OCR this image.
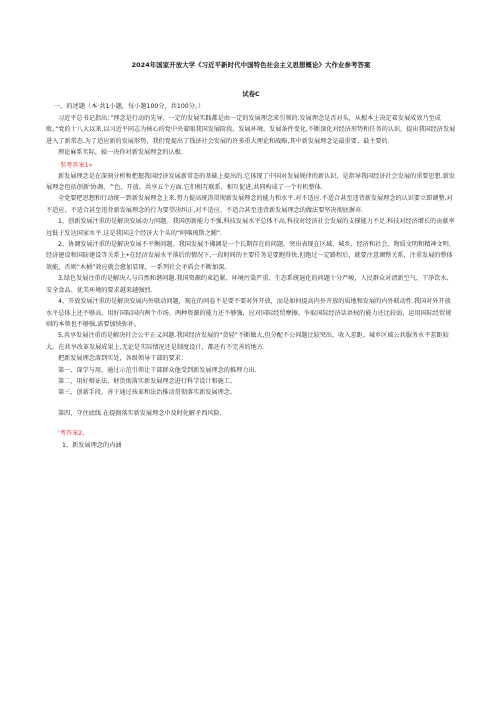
2024年国家开放大学《习近平新时代中国特色社会主义思想概论》大作业参考答案
试卷C
一、的述题（本·共1小题，每小题100分，共100分。）

习近平总书记指出：”理念是行动的先导，一定的发展实践都是由一定的发展理念来引领的.发展理念是否对头，从根本上决定着发展成效乃至成败。”党的十八大以来,以习近平同志为核心的党中央着眼我国发展阶段、发展环境、发展条件变化,不断深化对经济形势和任务的认识，提出我国经济发展进入了新常态.为了适应新的发展形势，我们党提出了钱济社会发展的许多重大理论和战略,其中新发展理念是最重要、最主要的.

理论麻系实际，辕一决你对新发展理念的认极.

参考答案1»

新发展理念是在深刻分析和把握我国经济发展新常态的基础上提出的.它体现了中国对发展规律的新认识，是指导我国经济社会发展的重要思想.新发展理念包括创新'协调、^色、开放、共享五个方面.它们相互联系、相互促进,共同构成了一个有机整体.

全党要把思想和行动统一到新发展理念上来.努力提高统涛贯彻新发展理念的能力和水平.对不适应.不适合甚至违背新发展理念的认识要立即调整,对不适应、不适合甚至违背新发展理念的行为要望决纠正,对不适应、不适合甚至违背新发展理念的做法要坚决彻底摒弃.

1、创新发展注重的是解决发展动力问题。我国创新能力不强,科技发展水平总体不高,科技对经济社会发展的支撑能力不足,科技对经济增长的贡献率远低于发达国家水平.这是我国这个经济大个头的“阿喀琉斯之踵”.

2、协调发展注重的是解决发展不平衡问题。我国发展不佛调是一个长期存在的问题，突出表现在区域、城乡、经济和社会、物质文明和精神文明、经济建设和国防建设等关系上•在经济发展水平落后的情况下,一段时间的主要任务是要跑得快,但跑过一定路程后，就要注意调整关系，注重发展的整体效能，否则“木桶”效应就会愈加显现，一系列社会矛盾会不断加深。

3,绿色发展注重的是解决人与自然和谐问题.我国资源约束趋紧、环境污染严重、生态系统退化的问题十分严峻，人民群众对清新空气、干净饮水、安全食品、优美环境的要求越来越强烈.

4、开放发展注重的是解决发展内外联动问题，现在的问卷不是要不要对外开放，而是如何提高内外开放的质地和发展的内外联动性.我国对外开放水平总体上还不够高，用好国际国内两个市场、两种资源的能力还不够强，应对国际经贸摩擦、争取国际经济话语权的能力还比较弱，运用国际经贸规则的本领也不够强,需要加快弥补。

5,共享发展注重的是解决社会公平正义问题.我国经济发展的“货轻”不断做大,但分配不公问题比较突出，收入差距、城乡区域公共服务水平差距较大。在共享改革发展成果上,无论是实际情况还是制度设计，都还有不完善的地方.

把新发展理念落到实处，各级领导干部的要求：

第一，深学与用，通过示范引领让干部群众他受到新发展理念的推理力出.

第二，用好辩证法，财货彻落实新发展理念进行科学设计和施工。

第三，创新手段，善于通过孩革和法治推动贯彻落实新发展理念。

第四，守住底线.在提彻落实新发展理念中及时化解矛西风险.

'考答案2,
1、新发展理念的内涵
